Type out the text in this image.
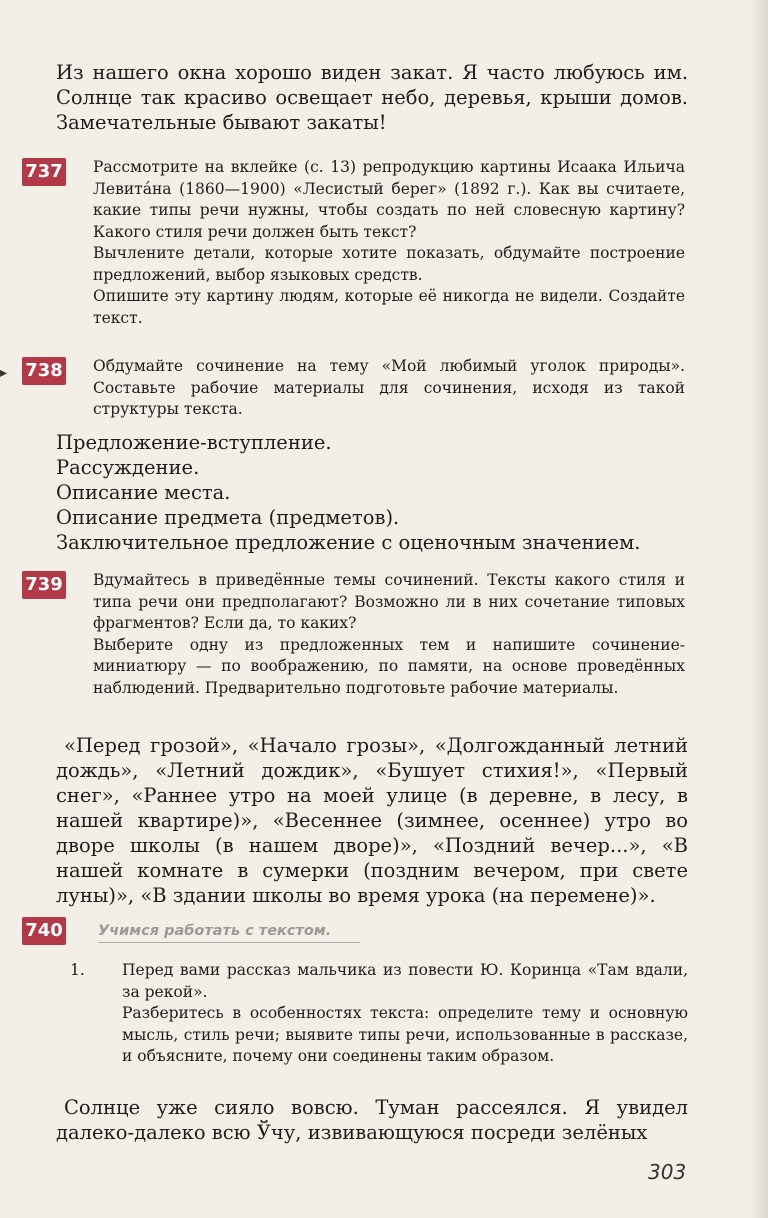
Из нашего окна хорошо виден закат. Я часто любуюсь им. Солнце так красиво освещает небо, деревья, крыши домов. Замечательные бывают закаты!
737 Рассмотрите на вклейке (с. 13) репродукцию картины Исаака Ильича Левита́на (1860—1900) «Лесистый берег» (1892 г.). Как вы считаете, какие типы речи нужны, чтобы создать по ней словесную картину? Какого стиля речи должен быть текст?

Вычлените детали, которые хотите показать, обдумайте построение предложений, выбор языковых средств.

Опишите эту картину людям, которые её никогда не видели. Создайте текст.

▸ 738 Обдумайте сочинение на тему «Мой любимый уголок природы». Составьте рабочие материалы для сочинения, исходя из такой структуры текста.
Предложение-вступление.
Рассуждение.
Описание места.
Описание предмета (предметов).
Заключительное предложение с оценочным значением.
739 Вдумайтесь в приведённые темы сочинений. Тексты какого стиля и типа речи они предполагают? Возможно ли в них сочетание типовых фрагментов? Если да, то каких?

Выберите одну из предложенных тем и напишите сочинение-миниатюру — по воображению, по памяти, на основе проведённых наблюдений. Предварительно подготовьте рабочие материалы.

«Перед грозой», «Начало грозы», «Долгожданный летний дождь», «Летний дождик», «Бушует стихия!», «Первый снег», «Раннее утро на моей улице (в деревне, в лесу, в нашей квартире)», «Весеннее (зимнее, осеннее) утро во дворе школы (в нашем дворе)», «Поздний вечер...», «В нашей комнате в сумерки (поздним вечером, при свете луны)», «В здании школы во время урока (на перемене)».
740 Учимся работать с текстом.

1. Перед вами рассказ мальчика из повести Ю. Коринца «Там вдали, за рекой».

Разберитесь в особенностях текста: определите тему и основную мысль, стиль речи; выявите типы речи, использованные в рассказе, и объясните, почему они соединены таким образом.

Солнце уже сияло вовсю. Туман рассеялся. Я увидел далеко-далеко всю Ўчу, извивающуюся посреди зелёных
303
